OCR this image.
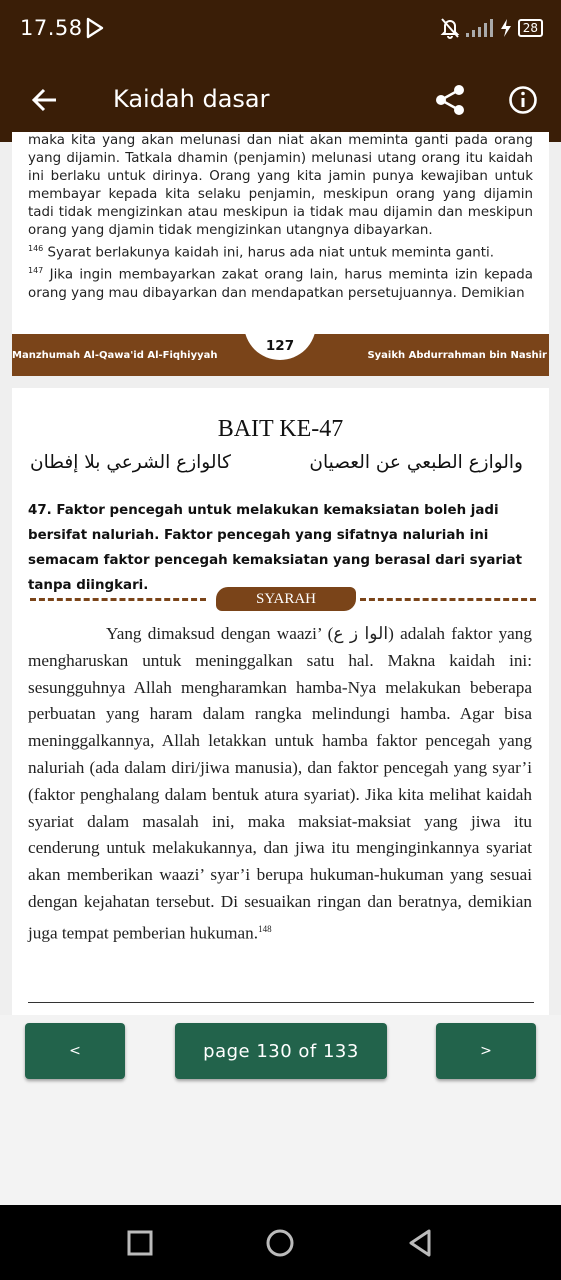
17.58	28
Kaidah dasar

maka kita yang akan melunasi dan niat akan meminta ganti pada orang yang dijamin. Tatkala dhamin (penjamin) melunasi utang orang itu kaidah ini berlaku untuk dirinya. Orang yang kita jamin punya kewajiban untuk membayar kepada kita selaku penjamin, meskipun orang yang dijamin tadi tidak mengizinkan atau meskipun ia tidak mau dijamin dan meskipun orang yang djamin tidak mengizinkan utangnya dibayarkan.

$^{146}$ Syarat berlakunya kaidah ini, harus ada niat untuk meminta ganti.

$^{147}$ Jika ingin membayarkan zakat orang lain, harus meminta izin kepada orang yang mau dibayarkan dan mendapatkan persetujuannya. Demikian

Manzhumah Al-Qawa'id Al-Fiqhiyyah
127
Syaikh Abdurrahman bin Nashir
BAIT KE-47
والوازع الطبعي عن العصيان
كالوازع الشرعي بلا إفطان
47. Faktor pencegah untuk melakukan kemaksiatan boleh jadi bersifat naluriah. Faktor pencegah yang sifatnya naluriah ini semacam faktor pencegah kemaksiatan yang berasal dari syariat tanpa diingkari.
SYARAH
Yang dimaksud dengan waazi’ (الوا ز ع) adalah faktor yang mengharuskan untuk meninggalkan satu hal. Makna kaidah ini: sesungguhnya Allah mengharamkan hamba-Nya melakukan beberapa perbuatan yang haram dalam rangka melindungi hamba. Agar bisa meninggalkannya, Allah letakkan untuk hamba faktor pencegah yang naluriah (ada dalam diri/jiwa manusia), dan faktor pencegah yang syar’i (faktor penghalang dalam bentuk atura syariat). Jika kita melihat kaidah syariat dalam masalah ini, maka maksiat-maksiat yang jiwa itu cenderung untuk melakukannya, dan jiwa itu menginginkannya syariat akan memberikan waazi’ syar’i berupa hukuman-hukuman yang sesuai dengan kejahatan tersebut. Di sesuaikan ringan dan beratnya, demikian juga tempat pemberian hukuman.$^{148}$
<	page 130 of 133	>
